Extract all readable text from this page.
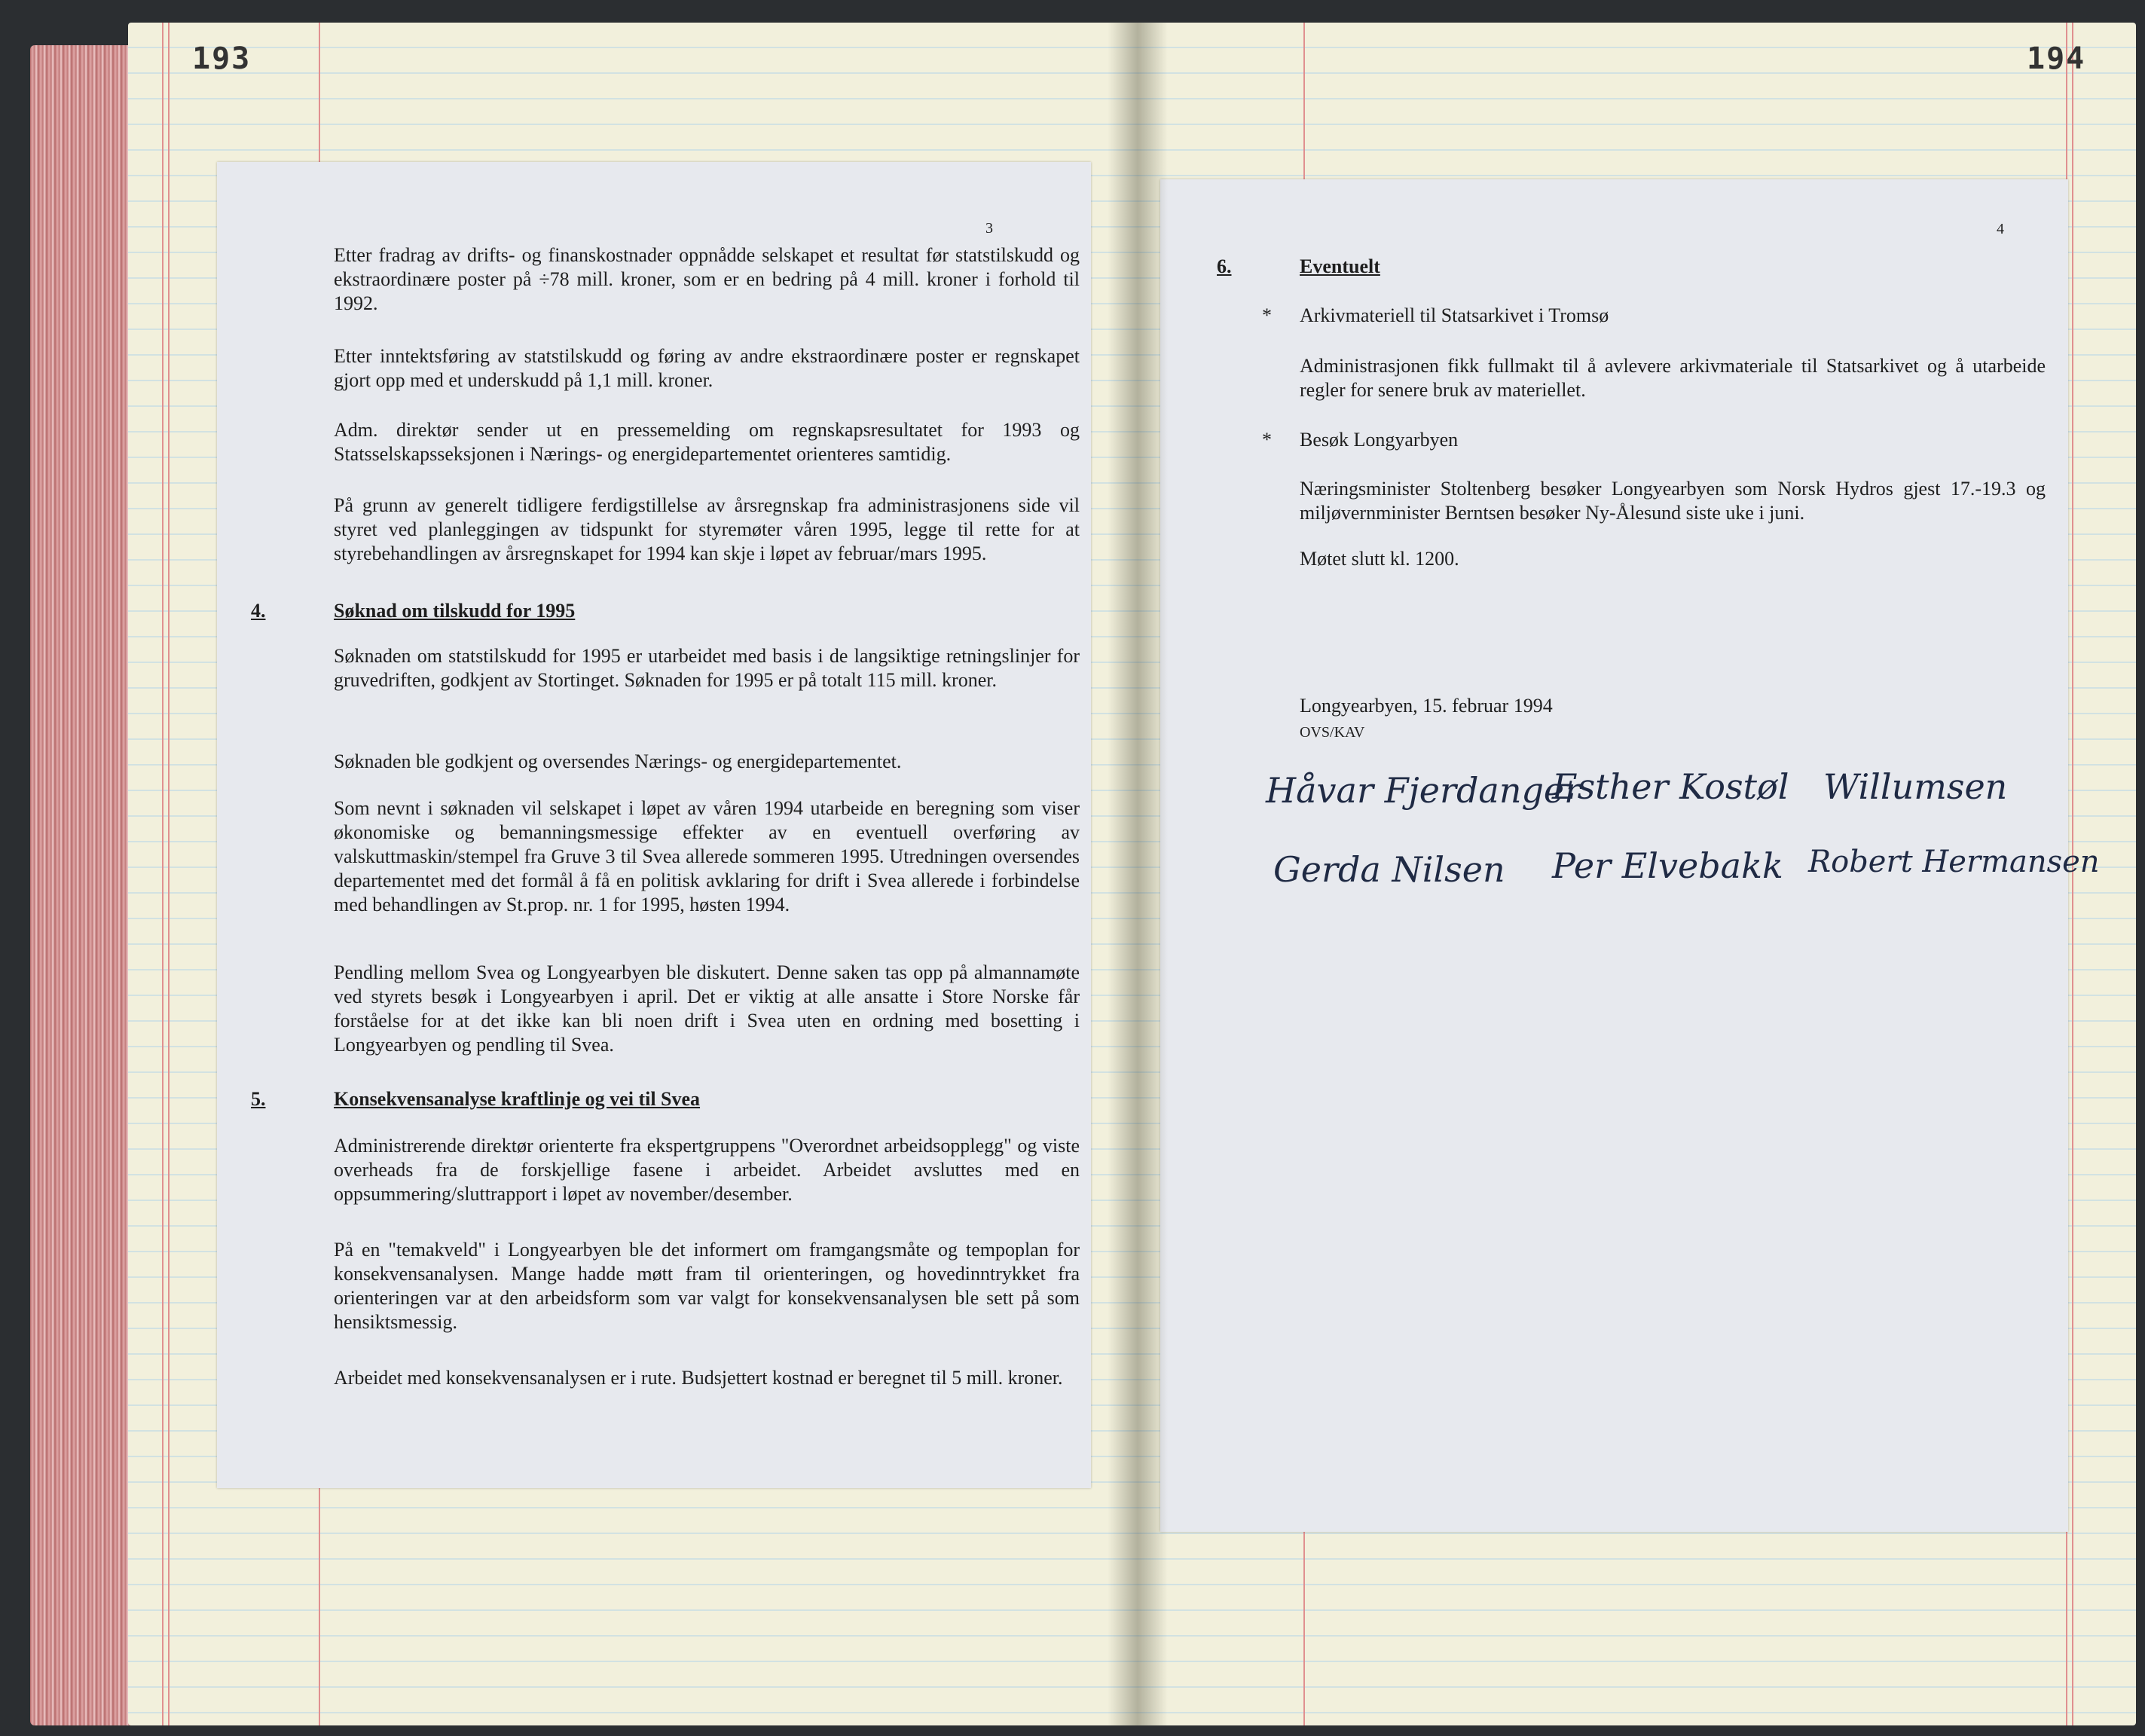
193
3

Etter fradrag av drifts- og finanskostnader oppnådde selskapet et resultat før statstilskudd og ekstraordinære poster på ÷78 mill. kroner, som er en bedring på 4 mill. kroner i forhold til 1992.

Etter inntektsføring av statstilskudd og føring av andre ekstraordinære poster er regnskapet gjort opp med et underskudd på 1,1 mill. kroner.

Adm. direktør sender ut en pressemelding om regnskapsresultatet for 1993 og Statsselskapsseksjonen i Nærings- og energidepartementet orienteres samtidig.

På grunn av generelt tidligere ferdigstillelse av årsregnskap fra administrasjonens side vil styret ved planleggingen av tidspunkt for styremøter våren 1995, legge til rette for at styrebehandlingen av årsregnskapet for 1994 kan skje i løpet av februar/mars 1995.

4.	Søknad om tilskudd for 1995

Søknaden om statstilskudd for 1995 er utarbeidet med basis i de langsiktige retningslinjer for gruvedriften, godkjent av Stortinget. Søknaden for 1995 er på totalt 115 mill. kroner.

Søknaden ble godkjent og oversendes Nærings- og energidepartementet.

Som nevnt i søknaden vil selskapet i løpet av våren 1994 utarbeide en beregning som viser økonomiske og bemanningsmessige effekter av en eventuell overføring av valskuttmaskin/stempel fra Gruve 3 til Svea allerede sommeren 1995. Utredningen oversendes departementet med det formål å få en politisk avklaring for drift i Svea allerede i forbindelse med behandlingen av St.prop. nr. 1 for 1995, høsten 1994.

Pendling mellom Svea og Longyearbyen ble diskutert. Denne saken tas opp på almannamøte ved styrets besøk i Longyearbyen i april. Det er viktig at alle ansatte i Store Norske får forståelse for at det ikke kan bli noen drift i Svea uten en ordning med bosetting i Longyearbyen og pendling til Svea.

5.	Konsekvensanalyse kraftlinje og vei til Svea

Administrerende direktør orienterte fra ekspertgruppens "Overordnet arbeidsopplegg" og viste overheads fra de forskjellige fasene i arbeidet. Arbeidet avsluttes med en oppsummering/sluttrapport i løpet av november/desember.

På en "temakveld" i Longyearbyen ble det informert om framgangsmåte og tempoplan for konsekvensanalysen. Mange hadde møtt fram til orienteringen, og hovedinntrykket fra orienteringen var at den arbeidsform som var valgt for konsekvensanalysen ble sett på som hensiktsmessig.

Arbeidet med konsekvensanalysen er i rute. Budsjettert kostnad er beregnet til 5 mill. kroner.

194
4
6.	Eventuelt
* Arkivmateriell til Statsarkivet i Tromsø

Administrasjonen fikk fullmakt til å avlevere arkivmateriale til Statsarkivet og å utarbeide regler for senere bruk av materiellet.

* Besøk Longyarbyen

Næringsminister Stoltenberg besøker Longyearbyen som Norsk Hydros gjest 17.-19.3 og miljøvernminister Berntsen besøker Ny-Ålesund siste uke i juni.

Møtet slutt kl. 1200.

Longyearbyen, 15. februar 1994
OVS/KAV
Håvar Fjerdanger
Esther Kostøl Willumsen
Gerda Nilsen Per Elvebakk Robert Hermansen
